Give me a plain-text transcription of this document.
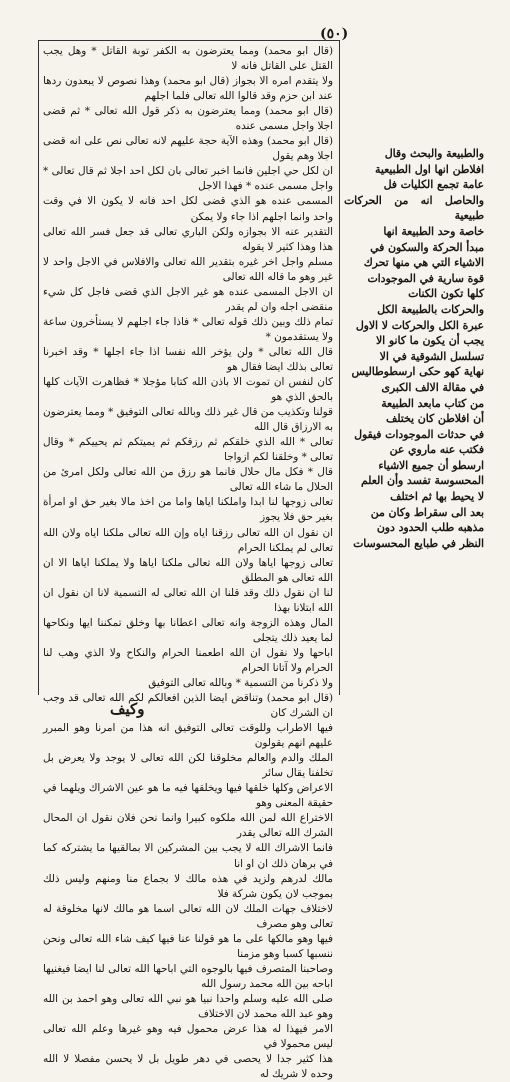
(٥٠)

(قال ابو محمد) ومما يعترضون به الكفر توبة القاتل * وهل يجب القتل على القاتل فانه لا

ولا يتقدم امره الا بجواز (قال ابو محمد) وهذا نصوص لا يبعدون ردها عند ابن حزم وقد قالوا الله تعالى فلما اجلهم

(قال ابو محمد) ومما يعترضون به ذكر قول الله تعالى * ثم قضى اجلا واجل مسمى عنده

(قال ابو محمد) وهذه الآية حجة عليهم لانه تعالى نص على انه قضى اجلا وهم يقول

ان لكل حي اجلين فانما اخبر تعالى بان لكل احد اجلا ثم قال تعالى * واجل مسمى عنده * فهذا الاجل

المسمى عنده هو الذي قضى لكل احد فانه لا يكون الا في وقت واحد وانما اجلهم اذا جاء ولا يمكن

التقدير عنه الا بجوازه ولكن الباري تعالى قد جعل فسر الله تعالى هذا وهذا كثير لا يقوله

مسلم واجل اخر غيره بتقدير الله تعالى والافلاس في الاجل واحد لا غير وهو ما قاله الله تعالى

ان الاجل المسمى عنده هو غير الاجل الذي قضى فاجل كل شيء منقضى اجله وان لم يقدر

تمام ذلك وبين ذلك قوله تعالى * فاذا جاء اجلهم لا يستأخرون ساعة ولا يستقدمون *

قال الله تعالى * ولن يؤخر الله نفسا اذا جاء اجلها * وقد اخبرنا تعالى بذلك ايضا فقال هو

كان لنفس ان تموت الا باذن الله كتابا مؤجلا * فظاهرت الآيات كلها بالحق الذي هو

قولنا وتكذيب من قال غير ذلك وبالله تعالى التوفيق * ومما يعترضون به الارزاق قال الله

تعالى * الله الذي خلقكم ثم رزقكم ثم يميتكم ثم يحييكم * وقال تعالى * وخلقنا لكم ازواجا

قال * فكل مال حلال فانما هو رزق من الله تعالى ولكل امرئ من الحلال ما شاء الله تعالى

تعالى زوجها لنا ابدا واملكنا اياها واما من اخذ مالا بغير حق او امرأة بغير حق فلا يجوز

ان نقول ان الله تعالى رزقنا اياه وإن الله تعالى ملكنا اياه ولان الله تعالى لم يملكنا الحرام

تعالى زوجها اياها ولان الله تعالى ملكنا اياها ولا يملكنا اياها الا ان الله تعالى هو المطلق

لنا ان نقول ذلك وقد قلنا ان الله تعالى له التسمية لانا ان نقول ان الله ابتلانا بهذا

المال وهذه الزوجة وانه تعالى اعطانا بها وخلق تمكننا ايها ونكاحها لما يعيد ذلك يتجلى

اباحها ولا نقول ان الله اطعمنا الحرام والنكاح ولا الذي وهب لنا الحرام ولا آتانا الحرام

ولا ذكرنا من التسمية * وبالله تعالى التوفيق

(قال ابو محمد) وتناقض ايضا الذين افعالكم لكم الله تعالى قد وجب ان الشرك كان

فيها الاطراب وللوقت تعالى التوفيق انه هذا من امرنا وهو المبرر عليهم انهم يقولون

الملك والدم والعالم مخلوقنا لكن الله تعالى لا يوجد ولا يعرض بل تخلفنا يقال سائر

الاعراض وكلها خلقها فيها ويخلقها فيه ما هو عين الاشراك ويلهما في حقيقة المعنى وهو

الاختراع الله لمن الله ملكوه كبيرا وانما نحن فلان نقول ان المحال الشرك الله تعالى يقدر

فانما الاشراك الله لا يجب بين المشركين الا بمالقيها ما يشتركه كما في برهان ذلك ان او انا

مالك لدرهم ولزيد في هذه مالك لا بجماع منا ومنهم وليس ذلك بموجب لان يكون شركة فلا

لاختلاف جهات الملك لان الله تعالى اسما هو مالك لانها مخلوقة له تعالى وهو مصرف

فيها وهو مالكها على ما هو قولنا عنا فيها كيف شاء الله تعالى ونحن ننسبها كسبا وهو مزمنا

وصاحبنا المتصرف فيها بالوجوه التي اباحها الله تعالى لنا ايضا فيغنيها اباحه بين الله محمد رسول الله

صلى الله عليه وسلم واحدا نبيا هو نبي الله تعالى وهو احمد بن الله وهو عبد الله محمد لان الاختلاف

الامر فيهذا له هذا عرض محمول فيه وهو غيرها وعلم الله تعالى ليس محمولا في

هذا كثير جدا لا يحصى في دهر طويل بل لا يحسن مفصلا لا الله وحده لا شريك له

والطبيعة والبحث وقال

افلاطن انها اول الطبيعية

عامة تجمع الكليات فل

والحاصل انه من الحركات طبيعية

خاصة وحد الطبيعة انها

مبدأ الحركة والسكون في

الاشياء التي هي منها تحرك

قوة سارية في الموجودات

كلها تكون الكنات

والحركات بالطبيعة الكل

عبرة الكل والحركات لا الاول

يجب أن يكون ما كانو الا

تسلسل الشوقية في الا

نهاية كهو حكى ارسطوطاليس

في مقالة الالف الكبرى

من كتاب مابعد الطبيعة

أن افلاطن كان يختلف

في حدثات الموجودات فيقول

فكتب عنه ماروي عن

ارسطو أن جميع الاشياء

المحسوسة تفسد وأن العلم

لا يحيط بها ثم اختلف

بعد الى سقراط وكان من

مذهبه طلب الحدود دون

النظر في طبايع المحسوسات

وكيف
